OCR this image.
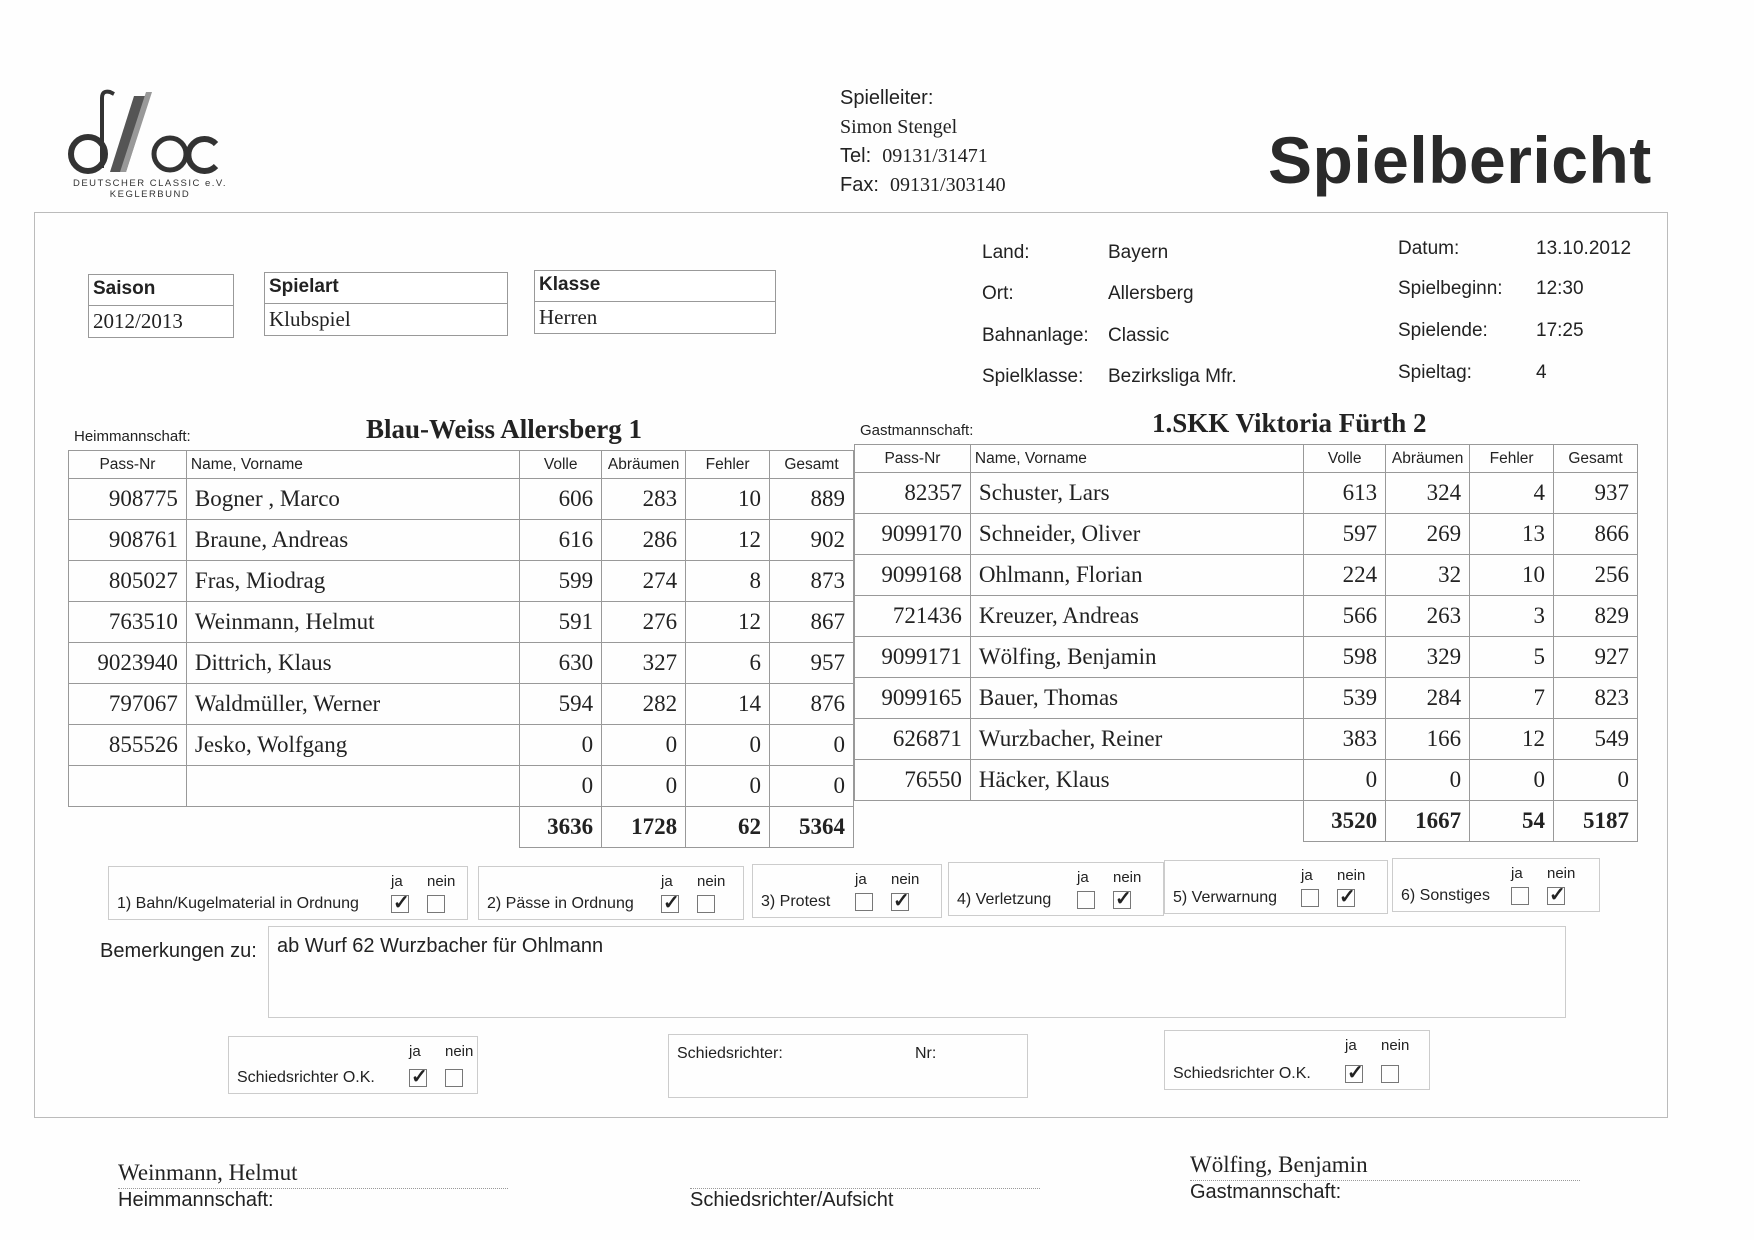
DEUTSCHER CLASSIC e.V.
KEGLERBUND
Spielleiter:
Simon Stengel
Tel: 09131/31471
Fax: 09131/303140	Spielbericht
Saison
2012/2013
Spielart
Klubspiel
Klasse
Herren
Land:	Bayern
Ort:	Allersberg
Bahnanlage: Classic
Spielklasse: Bezirksliga Mfr.
Datum:	13.10.2012
Spielbeginn: 12:30
Spielende:	17:25
Spieltag:	4
Heimmannschaft:	Blau-Weiss Allersberg 1	Gastmannschaft:	1.SKK Viktoria Fürth 2
Pass-Nr	Name, Vorname	Volle	Abräumen	Fehler	Gesamt
908775	Bogner , Marco	606	283	10	889
908761	Braune, Andreas	616	286	12	902
805027	Fras, Miodrag	599	274	8	873
763510	Weinmann, Helmut	591	276	12	867
9023940	Dittrich, Klaus	630	327	6	957
797067	Waldmüller, Werner	594	282	14	876
855526	Jesko, Wolfgang	0	0	0	0
		0	0	0	0
		3636	1728	62	5364
Pass-Nr	Name, Vorname	Volle	Abräumen	Fehler	Gesamt
82357	Schuster, Lars	613	324	4	937
9099170	Schneider, Oliver	597	269	13	866
9099168	Ohlmann, Florian	224	32	10	256
721436	Kreuzer, Andreas	566	263	3	829
9099171	Wölfing, Benjamin	598	329	5	927
9099165	Bauer, Thomas	539	284	7	823
626871	Wurzbacher, Reiner	383	166	12	549
76550	Häcker, Klaus	0	0	0	0
		3520	1667	54	5187
1) Bahn/Kugelmaterial in Ordnung
ja nein
✓
2) Pässe in Ordnung
ja nein
✓
3) Protest
ja nein
✓
4) Verletzung
ja nein
✓
5) Verwarnung
ja nein
✓
6) Sonstiges
ja nein
✓
Bemerkungen zu: ab Wurf 62 Wurzbacher für Ohlmann
Schiedsrichter O.K.
ja nein
✓	Schiedsrichter:	Nr:
Schiedsrichter O.K.
ja nein
✓
Weinmann, Helmut
Heimmannschaft:	Schiedsrichter/Aufsicht
Wölfing, Benjamin
Gastmannschaft:
